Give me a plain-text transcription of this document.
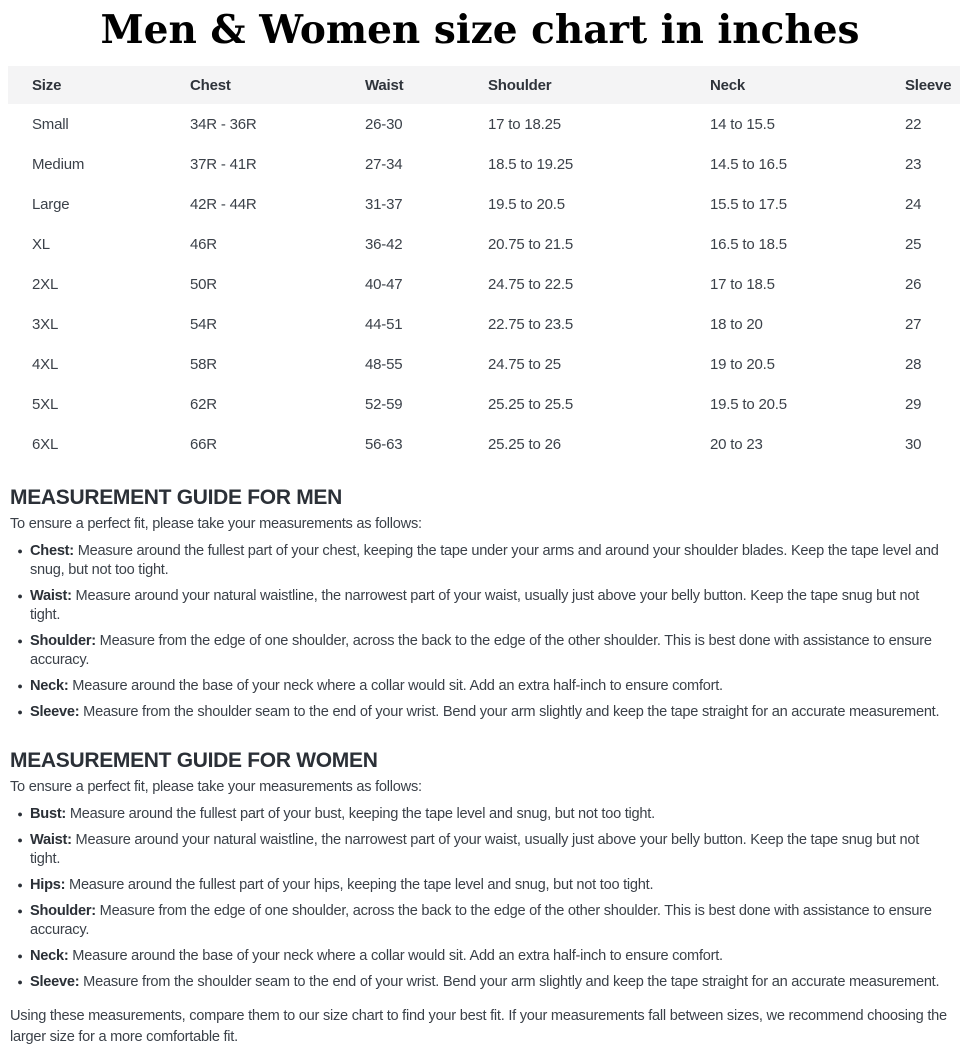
Men & Women size chart in inches
Size	Chest	Waist	Shoulder	Neck	Sleeve
Small	34R - 36R	26-30	17 to 18.25	14 to 15.5	22
Medium	37R - 41R	27-34	18.5 to 19.25	14.5 to 16.5	23
Large	42R - 44R	31-37	19.5 to 20.5	15.5 to 17.5	24
XL	46R	36-42	20.75 to 21.5	16.5 to 18.5	25
2XL	50R	40-47	24.75 to 22.5	17 to 18.5	26
3XL	54R	44-51	22.75 to 23.5	18 to 20	27
4XL	58R	48-55	24.75 to 25	19 to 20.5	28
5XL	62R	52-59	25.25 to 25.5	19.5 to 20.5	29
6XL	66R	56-63	25.25 to 26	20 to 23	30
MEASUREMENT GUIDE FOR MEN

To ensure a perfect fit, please take your measurements as follows:

● Chest: Measure around the fullest part of your chest, keeping the tape under your arms and around your shoulder blades. Keep the tape level and snug, but not too tight.
● Waist: Measure around your natural waistline, the narrowest part of your waist, usually just above your belly button. Keep the tape snug but not tight.
● Shoulder: Measure from the edge of one shoulder, across the back to the edge of the other shoulder. This is best done with assistance to ensure accuracy.
● Neck: Measure around the base of your neck where a collar would sit. Add an extra half-inch to ensure comfort.
● Sleeve: Measure from the shoulder seam to the end of your wrist. Bend your arm slightly and keep the tape straight for an accurate measurement.
MEASUREMENT GUIDE FOR WOMEN

To ensure a perfect fit, please take your measurements as follows:

● Bust: Measure around the fullest part of your bust, keeping the tape level and snug, but not too tight.
● Waist: Measure around your natural waistline, the narrowest part of your waist, usually just above your belly button. Keep the tape snug but not tight.
● Hips: Measure around the fullest part of your hips, keeping the tape level and snug, but not too tight.
● Shoulder: Measure from the edge of one shoulder, across the back to the edge of the other shoulder. This is best done with assistance to ensure accuracy.
● Neck: Measure around the base of your neck where a collar would sit. Add an extra half-inch to ensure comfort.
● Sleeve: Measure from the shoulder seam to the end of your wrist. Bend your arm slightly and keep the tape straight for an accurate measurement.

Using these measurements, compare them to our size chart to find your best fit. If your measurements fall between sizes, we recommend choosing the larger size for a more comfortable fit.
